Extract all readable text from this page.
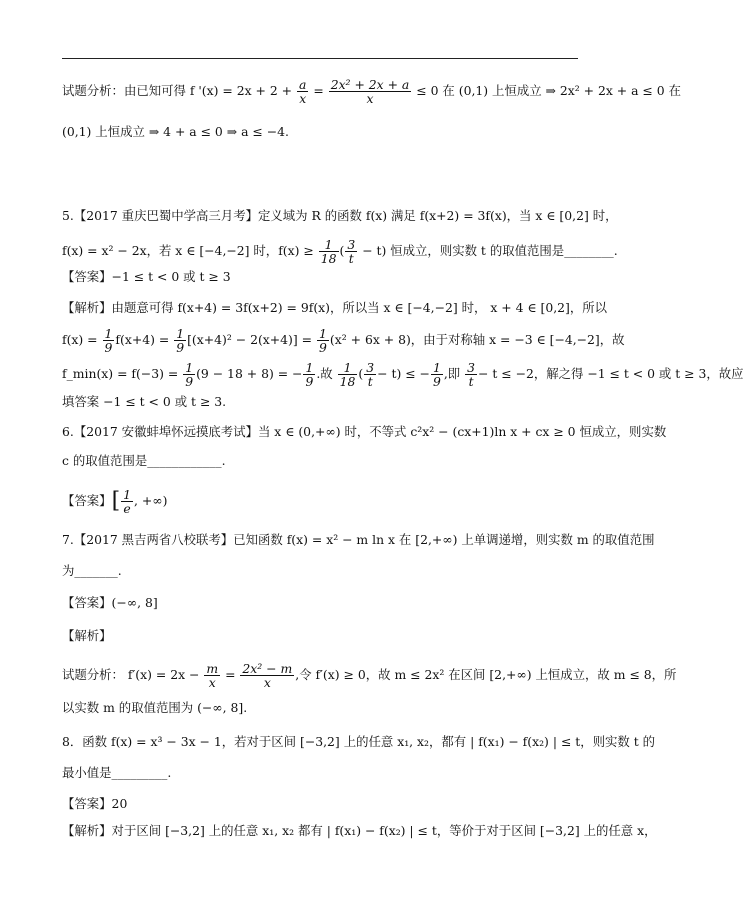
试题分析：由已知可得 f '$(x) = 2x + 2 + \frac{a}{x} = \frac{\text{2x² + 2x + a}}{x} \le 0$ 在 (0,1) 上恒成立 ⇒ 2x² + 2x + a ≤ 0 在
(0,1) 上恒成立 ⇒ 4 + a ≤ 0 ⇒ a ≤ −4.
5.【2017 重庆巴蜀中学高三月考】定义域为 R 的函数 f(x) 满足 f(x+2) = 3f(x)，当 x ∈ [0,2] 时，
f(x) = x² − 2x，若 x ∈ [−4,−2] 时，$f(x) \ge \frac{1}{18}$ ( $\frac{3}{t} - t$) 恒成立，则实数 t 的取值范围是________.
【答案】−1 ≤ t < 0 或 t ≥ 3
【解析】由题意可得 f(x+4) = 3f(x+2) = 9f(x)，所以当 x ∈ [−4,−2] 时， x + 4 ∈ [0,2]，所以
$f(x) = \frac{1}{9} f(x+4) = \frac{1}{9} [(x+4)^2 - 2(x+4)] = \frac{1}{9} (x^2 + 6x + 8)$，由于对称轴 x = −3 ∈ [−4,−2]，故
f_min(x) = $f(-3) = \frac{1}{9} (9 - 18 + 8)$ = − $\frac{1}{9}$ .故 $\frac{1}{18}$ ( $\frac{3}{t} - t$) ≤ − $\frac{1}{9}$ ,即 $\frac{3}{t} - t \le -2$，解之得 −1 ≤ t < 0 或 t ≥ 3，故应
填答案 −1 ≤ t < 0 或 t ≥ 3.
6.【2017 安徽蚌埠怀远摸底考试】当 x ∈ (0,+∞) 时，不等式 c²x² − (cx+1)ln x + cx ≥ 0 恒成立，则实数
c 的取值范围是____________.
【答案】[ $\frac{1}{e}$ , +∞)
7.【2017 黑吉两省八校联考】已知函数 f(x) = x² − m ln x 在 [2,+∞) 上单调递增，则实数 m 的取值范围
为_______.
【答案】(−∞, 8]
【解析】
试题分析： $f'(x) = 2x - \frac{m}{x} = \frac{\text{2x² − m}}{x}$ ,令 f′(x) ≥ 0，故 m ≤ 2x² 在区间 [2,+∞) 上恒成立，故 m ≤ 8，所
以实数 m 的取值范围为 (−∞, 8].
8．函数 f(x) = x³ − 3x − 1，若对于区间 [−3,2] 上的任意 x₁, x₂，都有 | f(x₁) − f(x₂) | ≤ t，则实数 t 的
最小值是_________.
【答案】20
【解析】对于区间 [−3,2] 上的任意 x₁, x₂ 都有 | f(x₁) − f(x₂) | ≤ t，等价于对于区间 [−3,2] 上的任意 x，
